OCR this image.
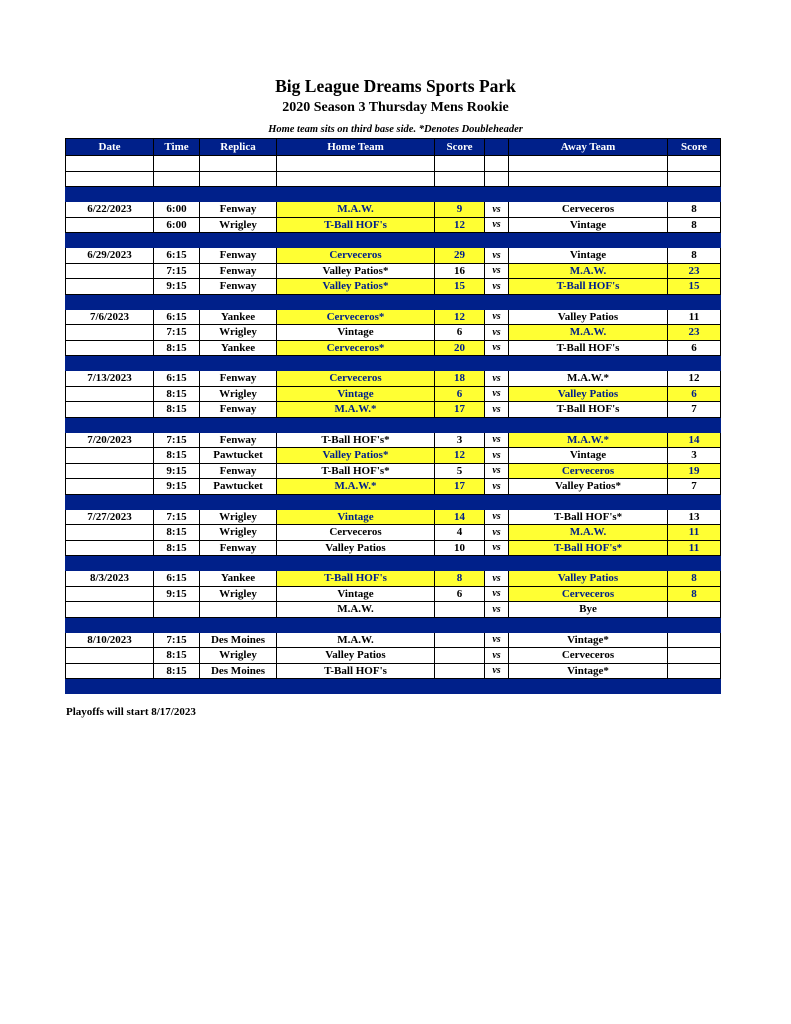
Big League Dreams Sports Park
2020 Season 3 Thursday Mens Rookie
Home team sits on third base side. *Denotes Doubleheader
Date	Time	Replica	Home Team	Score		Away Team	Score

6/22/2023	6:00	Fenway	M.A.W.	9	vs	Cerveceros	8
	6:00	Wrigley	T-Ball HOF's	12	vs	Vintage	8

6/29/2023	6:15	Fenway	Cerveceros	29	vs	Vintage	8
	7:15	Fenway	Valley Patios*	16	vs	M.A.W.	23
	9:15	Fenway	Valley Patios*	15	vs	T-Ball HOF's	15

7/6/2023	6:15	Yankee	Cerveceros*	12	vs	Valley Patios	11
	7:15	Wrigley	Vintage	6	vs	M.A.W.	23
	8:15	Yankee	Cerveceros*	20	vs	T-Ball HOF's	6

7/13/2023	6:15	Fenway	Cerveceros	18	vs	M.A.W.*	12
	8:15	Wrigley	Vintage	6	vs	Valley Patios	6
	8:15	Fenway	M.A.W.*	17	vs	T-Ball HOF's	7

7/20/2023	7:15	Fenway	T-Ball HOF's*	3	vs	M.A.W.*	14
	8:15	Pawtucket	Valley Patios*	12	vs	Vintage	3
	9:15	Fenway	T-Ball HOF's*	5	vs	Cerveceros	19
	9:15	Pawtucket	M.A.W.*	17	vs	Valley Patios*	7

7/27/2023	7:15	Wrigley	Vintage	14	vs	T-Ball HOF's*	13
	8:15	Wrigley	Cerveceros	4	vs	M.A.W.	11
	8:15	Fenway	Valley Patios	10	vs	T-Ball HOF's*	11

8/3/2023	6:15	Yankee	T-Ball HOF's	8	vs	Valley Patios	8
	9:15	Wrigley	Vintage	6	vs	Cerveceros	8
			M.A.W.		vs	Bye	

8/10/2023	7:15	Des Moines	M.A.W.		vs	Vintage*	
	8:15	Wrigley	Valley Patios		vs	Cerveceros	
	8:15	Des Moines	T-Ball HOF's		vs	Vintage*	

Playoffs will start 8/17/2023
